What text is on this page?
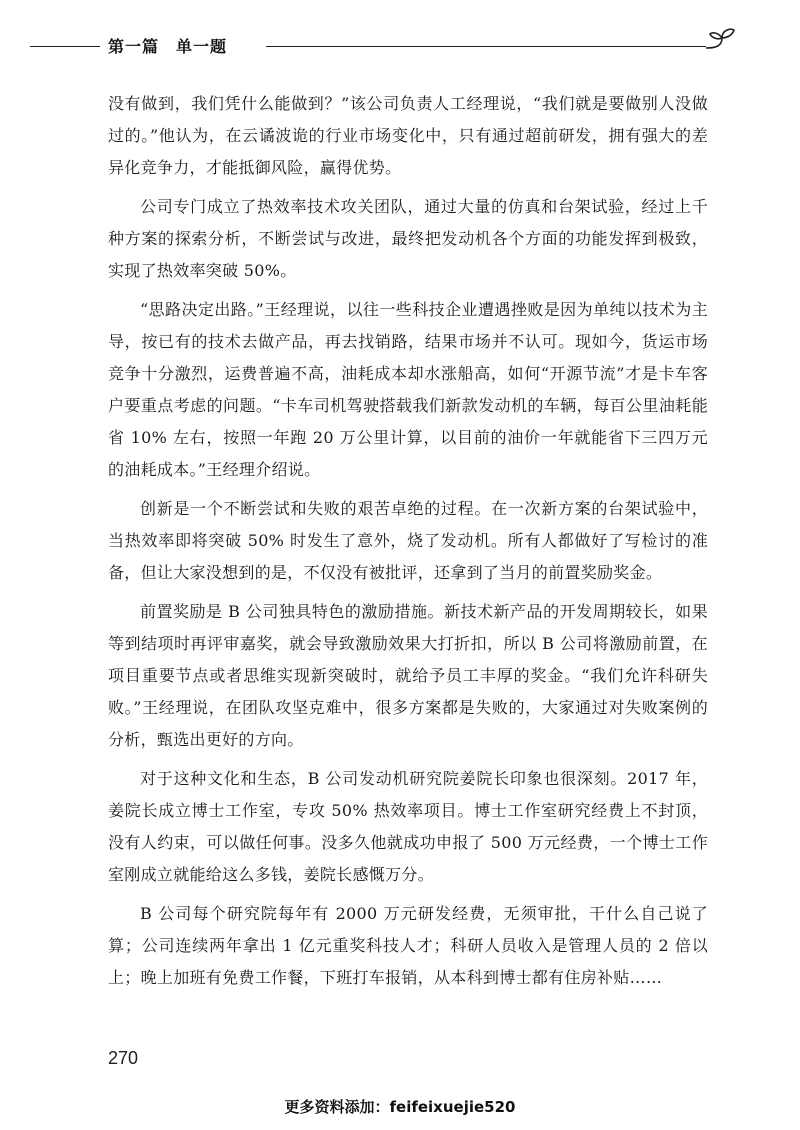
第一篇　单一题

没有做到，我们凭什么能做到？”该公司负责人工经理说，“我们就是要做别人没做过的。”他认为，在云谲波诡的行业市场变化中，只有通过超前研发，拥有强大的差异化竞争力，才能抵御风险，赢得优势。

公司专门成立了热效率技术攻关团队，通过大量的仿真和台架试验，经过上千种方案的探索分析，不断尝试与改进，最终把发动机各个方面的功能发挥到极致，实现了热效率突破 50%。

“思路决定出路。”王经理说，以往一些科技企业遭遇挫败是因为单纯以技术为主导，按已有的技术去做产品，再去找销路，结果市场并不认可。现如今，货运市场竞争十分激烈，运费普遍不高，油耗成本却水涨船高，如何“开源节流”才是卡车客户要重点考虑的问题。“卡车司机驾驶搭载我们新款发动机的车辆，每百公里油耗能省 10% 左右，按照一年跑 20 万公里计算，以目前的油价一年就能省下三四万元的油耗成本。”王经理介绍说。

创新是一个不断尝试和失败的艰苦卓绝的过程。在一次新方案的台架试验中，当热效率即将突破 50% 时发生了意外，烧了发动机。所有人都做好了写检讨的准备，但让大家没想到的是，不仅没有被批评，还拿到了当月的前置奖励奖金。

前置奖励是 B 公司独具特色的激励措施。新技术新产品的开发周期较长，如果等到结项时再评审嘉奖，就会导致激励效果大打折扣，所以 B 公司将激励前置，在项目重要节点或者思维实现新突破时，就给予员工丰厚的奖金。“我们允许科研失败。”王经理说，在团队攻坚克难中，很多方案都是失败的，大家通过对失败案例的分析，甄选出更好的方向。

对于这种文化和生态，B 公司发动机研究院姜院长印象也很深刻。2017 年，姜院长成立博士工作室，专攻 50% 热效率项目。博士工作室研究经费上不封顶，没有人约束，可以做任何事。没多久他就成功申报了 500 万元经费，一个博士工作室刚成立就能给这么多钱，姜院长感慨万分。

B 公司每个研究院每年有 2000 万元研发经费，无须审批，干什么自己说了算；公司连续两年拿出 1 亿元重奖科技人才；科研人员收入是管理人员的 2 倍以上；晚上加班有免费工作餐，下班打车报销，从本科到博士都有住房补贴……

270
更多资料添加：feifeixuejie520
